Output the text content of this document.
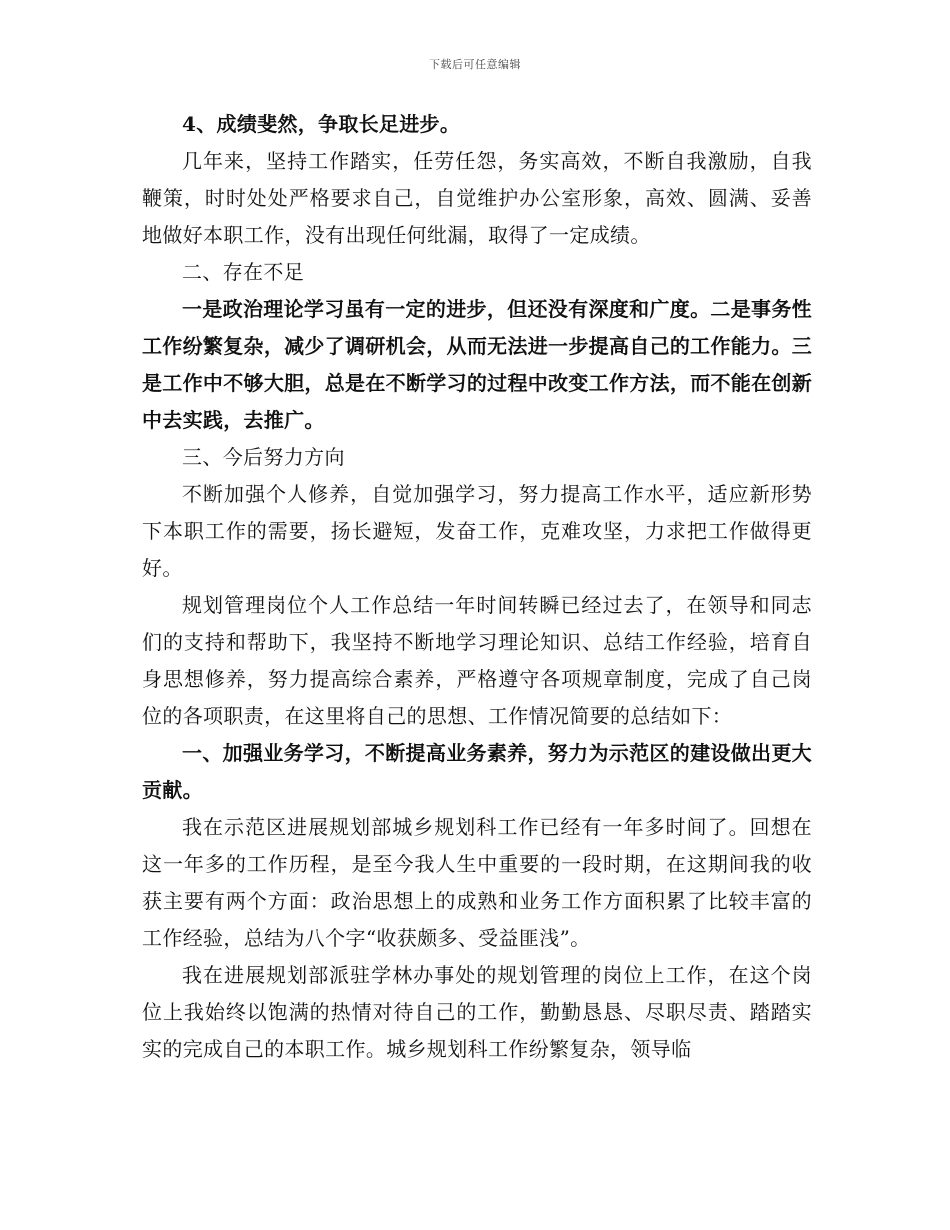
下载后可任意编辑

4、成绩斐然，争取长足进步。

几年来，坚持工作踏实，任劳任怨，务实高效，不断自我激励，自我鞭策，时时处处严格要求自己，自觉维护办公室形象，高效、圆满、妥善地做好本职工作，没有出现任何纰漏，取得了一定成绩。

二、存在不足

一是政治理论学习虽有一定的进步，但还没有深度和广度。二是事务性工作纷繁复杂，减少了调研机会，从而无法进一步提高自己的工作能力。三是工作中不够大胆，总是在不断学习的过程中改变工作方法，而不能在创新中去实践，去推广。

三、今后努力方向

不断加强个人修养，自觉加强学习，努力提高工作水平，适应新形势下本职工作的需要，扬长避短，发奋工作，克难攻坚，力求把工作做得更好。

规划管理岗位个人工作总结一年时间转瞬已经过去了，在领导和同志们的支持和帮助下，我坚持不断地学习理论知识、总结工作经验，培育自身思想修养，努力提高综合素养，严格遵守各项规章制度，完成了自己岗位的各项职责，在这里将自己的思想、工作情况简要的总结如下：

一、加强业务学习，不断提高业务素养，努力为示范区的建设做出更大贡献。

我在示范区进展规划部城乡规划科工作已经有一年多时间了。回想在这一年多的工作历程，是至今我人生中重要的一段时期，在这期间我的收获主要有两个方面：政治思想上的成熟和业务工作方面积累了比较丰富的工作经验，总结为八个字“收获颇多、受益匪浅”。

我在进展规划部派驻学林办事处的规划管理的岗位上工作，在这个岗位上我始终以饱满的热情对待自己的工作，勤勤恳恳、尽职尽责、踏踏实实的完成自己的本职工作。城乡规划科工作纷繁复杂，领导临
